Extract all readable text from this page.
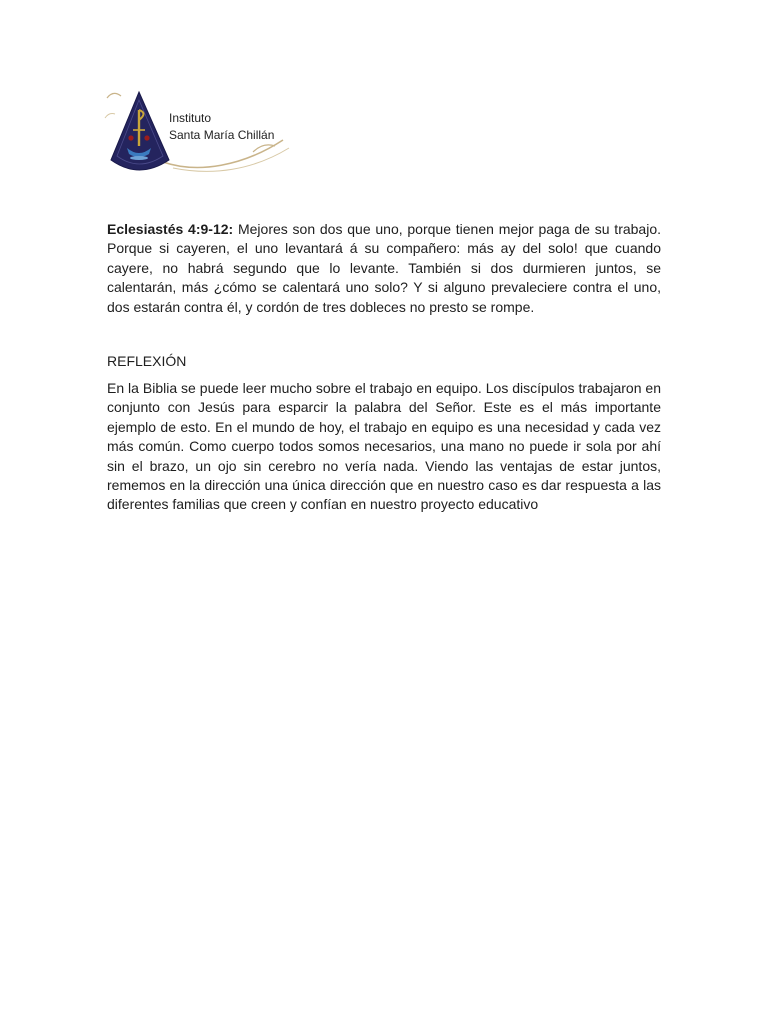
Instituto
Santa María Chillán

Eclesiastés 4:9-12: Mejores son dos que uno, porque tienen mejor paga de su trabajo. Porque si cayeren, el uno levantará á su compañero: más ay del solo! que cuando cayere, no habrá segundo que lo levante. También si dos durmieren juntos, se calentarán, más ¿cómo se calentará uno solo? Y si alguno prevaleciere contra el uno, dos estarán contra él, y cordón de tres dobleces no presto se rompe.

REFLEXIÓN

En la Biblia se puede leer mucho sobre el trabajo en equipo. Los discípulos trabajaron en conjunto con Jesús para esparcir la palabra del Señor. Este es el más importante ejemplo de esto. En el mundo de hoy, el trabajo en equipo es una necesidad y cada vez más común. Como cuerpo todos somos necesarios, una mano no puede ir sola por ahí sin el brazo, un ojo sin cerebro no vería nada. Viendo las ventajas de estar juntos, rememos en la dirección una única dirección que en nuestro caso es dar respuesta a las diferentes familias que creen y confían en nuestro proyecto educativo
